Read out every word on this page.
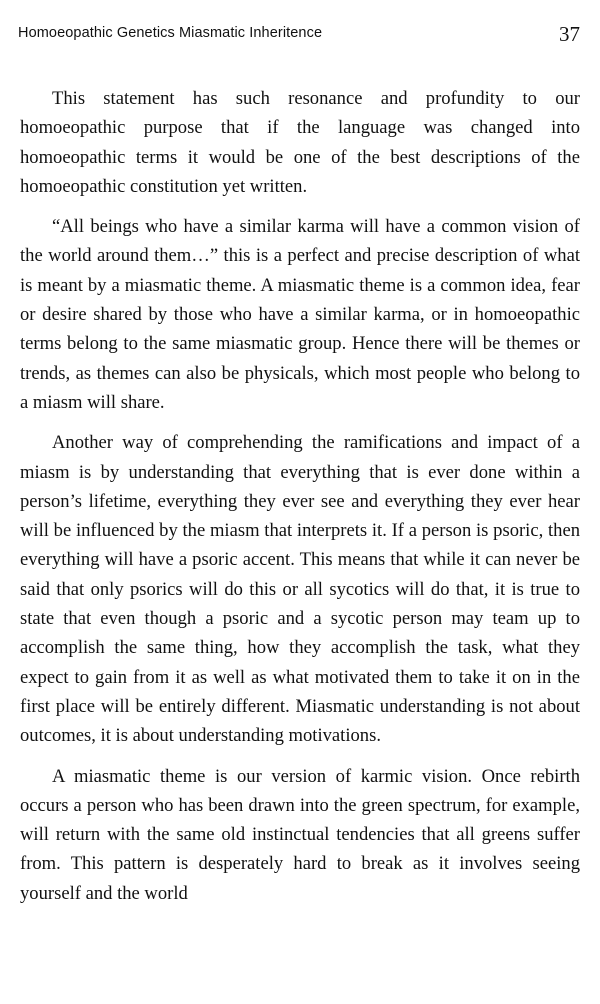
Homoeopathic Genetics Miasmatic Inheritence	37

This statement has such resonance and profundity to our homoeopathic purpose that if the language was changed into homoeopathic terms it would be one of the best descriptions of the homoeopathic constitution yet written.

“All beings who have a similar karma will have a common vision of the world around them…” this is a perfect and precise description of what is meant by a miasmatic theme. A miasmatic theme is a common idea, fear or desire shared by those who have a similar karma, or in homoeopathic terms belong to the same miasmatic group. Hence there will be themes or trends, as themes can also be physicals, which most people who belong to a miasm will share.

Another way of comprehending the ramifications and impact of a miasm is by understanding that everything that is ever done within a person’s lifetime, everything they ever see and everything they ever hear will be influenced by the miasm that interprets it. If a person is psoric, then everything will have a psoric accent. This means that while it can never be said that only psorics will do this or all sycotics will do that, it is true to state that even though a psoric and a sycotic person may team up to accomplish the same thing, how they accomplish the task, what they expect to gain from it as well as what motivated them to take it on in the first place will be entirely different. Miasmatic understanding is not about outcomes, it is about understanding motivations.

A miasmatic theme is our version of karmic vision. Once rebirth occurs a person who has been drawn into the green spectrum, for example, will return with the same old instinctual tendencies that all greens suffer from. This pattern is desperately hard to break as it involves seeing yourself and the world
